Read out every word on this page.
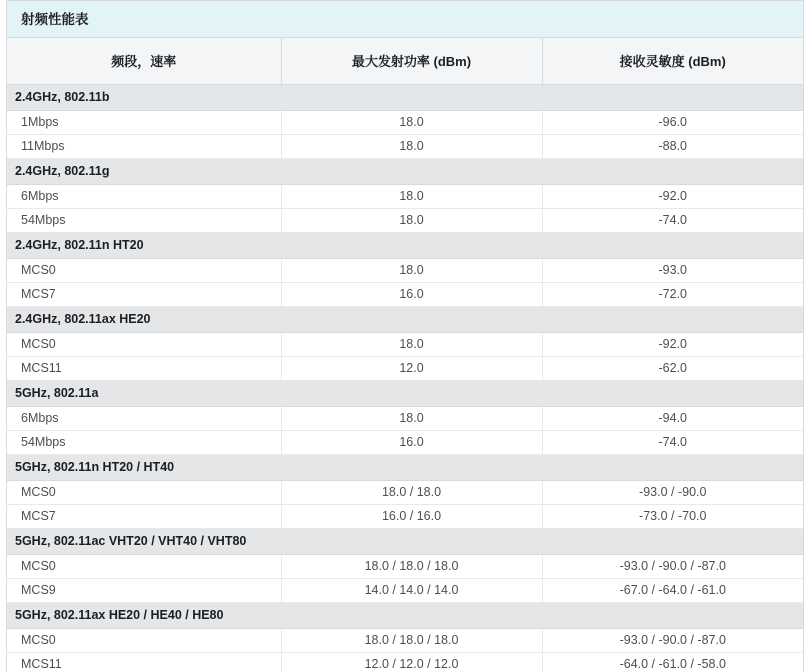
射频性能表
频段，速率	最大发射功率 (dBm)	接收灵敏度 (dBm)
2.4GHz, 802.11b		
1Mbps	18.0	-96.0
11Mbps	18.0	-88.0
2.4GHz, 802.11g		
6Mbps	18.0	-92.0
54Mbps	18.0	-74.0
2.4GHz, 802.11n HT20		
MCS0	18.0	-93.0
MCS7	16.0	-72.0
2.4GHz, 802.11ax HE20		
MCS0	18.0	-92.0
MCS11	12.0	-62.0
5GHz, 802.11a		
6Mbps	18.0	-94.0
54Mbps	16.0	-74.0
5GHz, 802.11n HT20 / HT40		
MCS0	18.0 / 18.0	-93.0 / -90.0
MCS7	16.0 / 16.0	-73.0 / -70.0
5GHz, 802.11ac VHT20 / VHT40 / VHT80		
MCS0	18.0 / 18.0 / 18.0	-93.0 / -90.0 / -87.0
MCS9	14.0 / 14.0 / 14.0	-67.0 / -64.0 / -61.0
5GHz, 802.11ax HE20 / HE40 / HE80		
MCS0	18.0 / 18.0 / 18.0	-93.0 / -90.0 / -87.0
MCS11	12.0 / 12.0 / 12.0	-64.0 / -61.0 / -58.0
